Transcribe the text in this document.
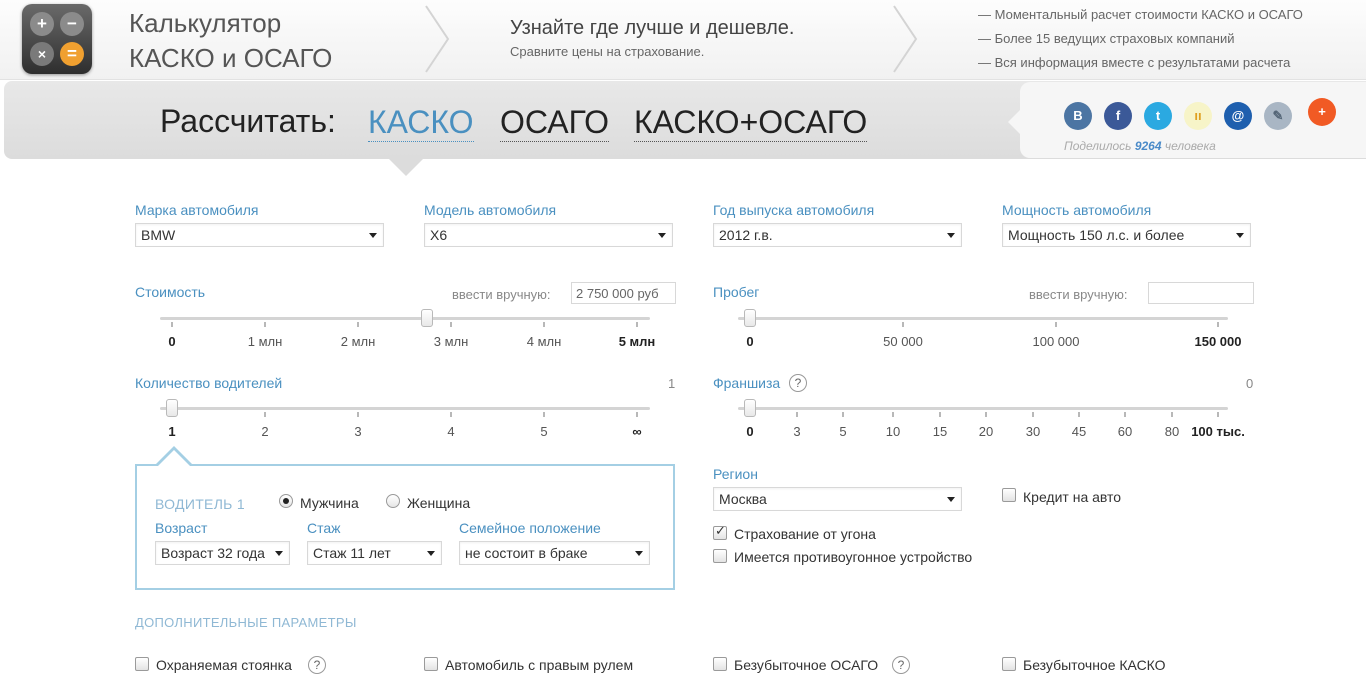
+	−
×	=
Калькулятор
КАСКО и ОСАГО
Узнайте где лучше и дешевле.
Сравните цены на страхование.
— Моментальный расчет стоимости КАСКО и ОСАГО
— Более 15 ведущих страховых компаний
— Вся информация вместе с результатами расчета
Рассчитать: КАСКО ОСАГО КАСКО+ОСАГО	B	f	t	ıı	@	✎	+
Поделилось 9264 человека
Марка автомобиля
BMW
Модель автомобиля
X6
Год выпуска автомобиля
2012 г.в.
Мощность автомобиля
Мощность 150 л.с. и более
Стоимость	ввести вручную:	2 750 000 руб
0	1 млн	2 млн	3 млн	4 млн	5 млн
Пробег	ввести вручную:
0	50 000	100 000	150 000
Количество водителей	1
1	2	3	4	5	∞
Франшиза	?	0
0	3	5	10	15 20	30 45 60	80 100 тыс.
ВОДИТЕЛЬ 1	Мужчина	Женщина
Возраст
Возраст 32 года
Стаж
Стаж 11 лет
Семейное положение
не состоит в браке
Регион
Москва	Кредит на авто
✓
Страхование от угона
Имеется противоугонное устройство
ДОПОЛНИТЕЛЬНЫЕ ПАРАМЕТРЫ
Охраняемая стоянка	?	Автомобиль с правым рулем	Безубыточное ОСАГО	?	Безубыточное КАСКО
